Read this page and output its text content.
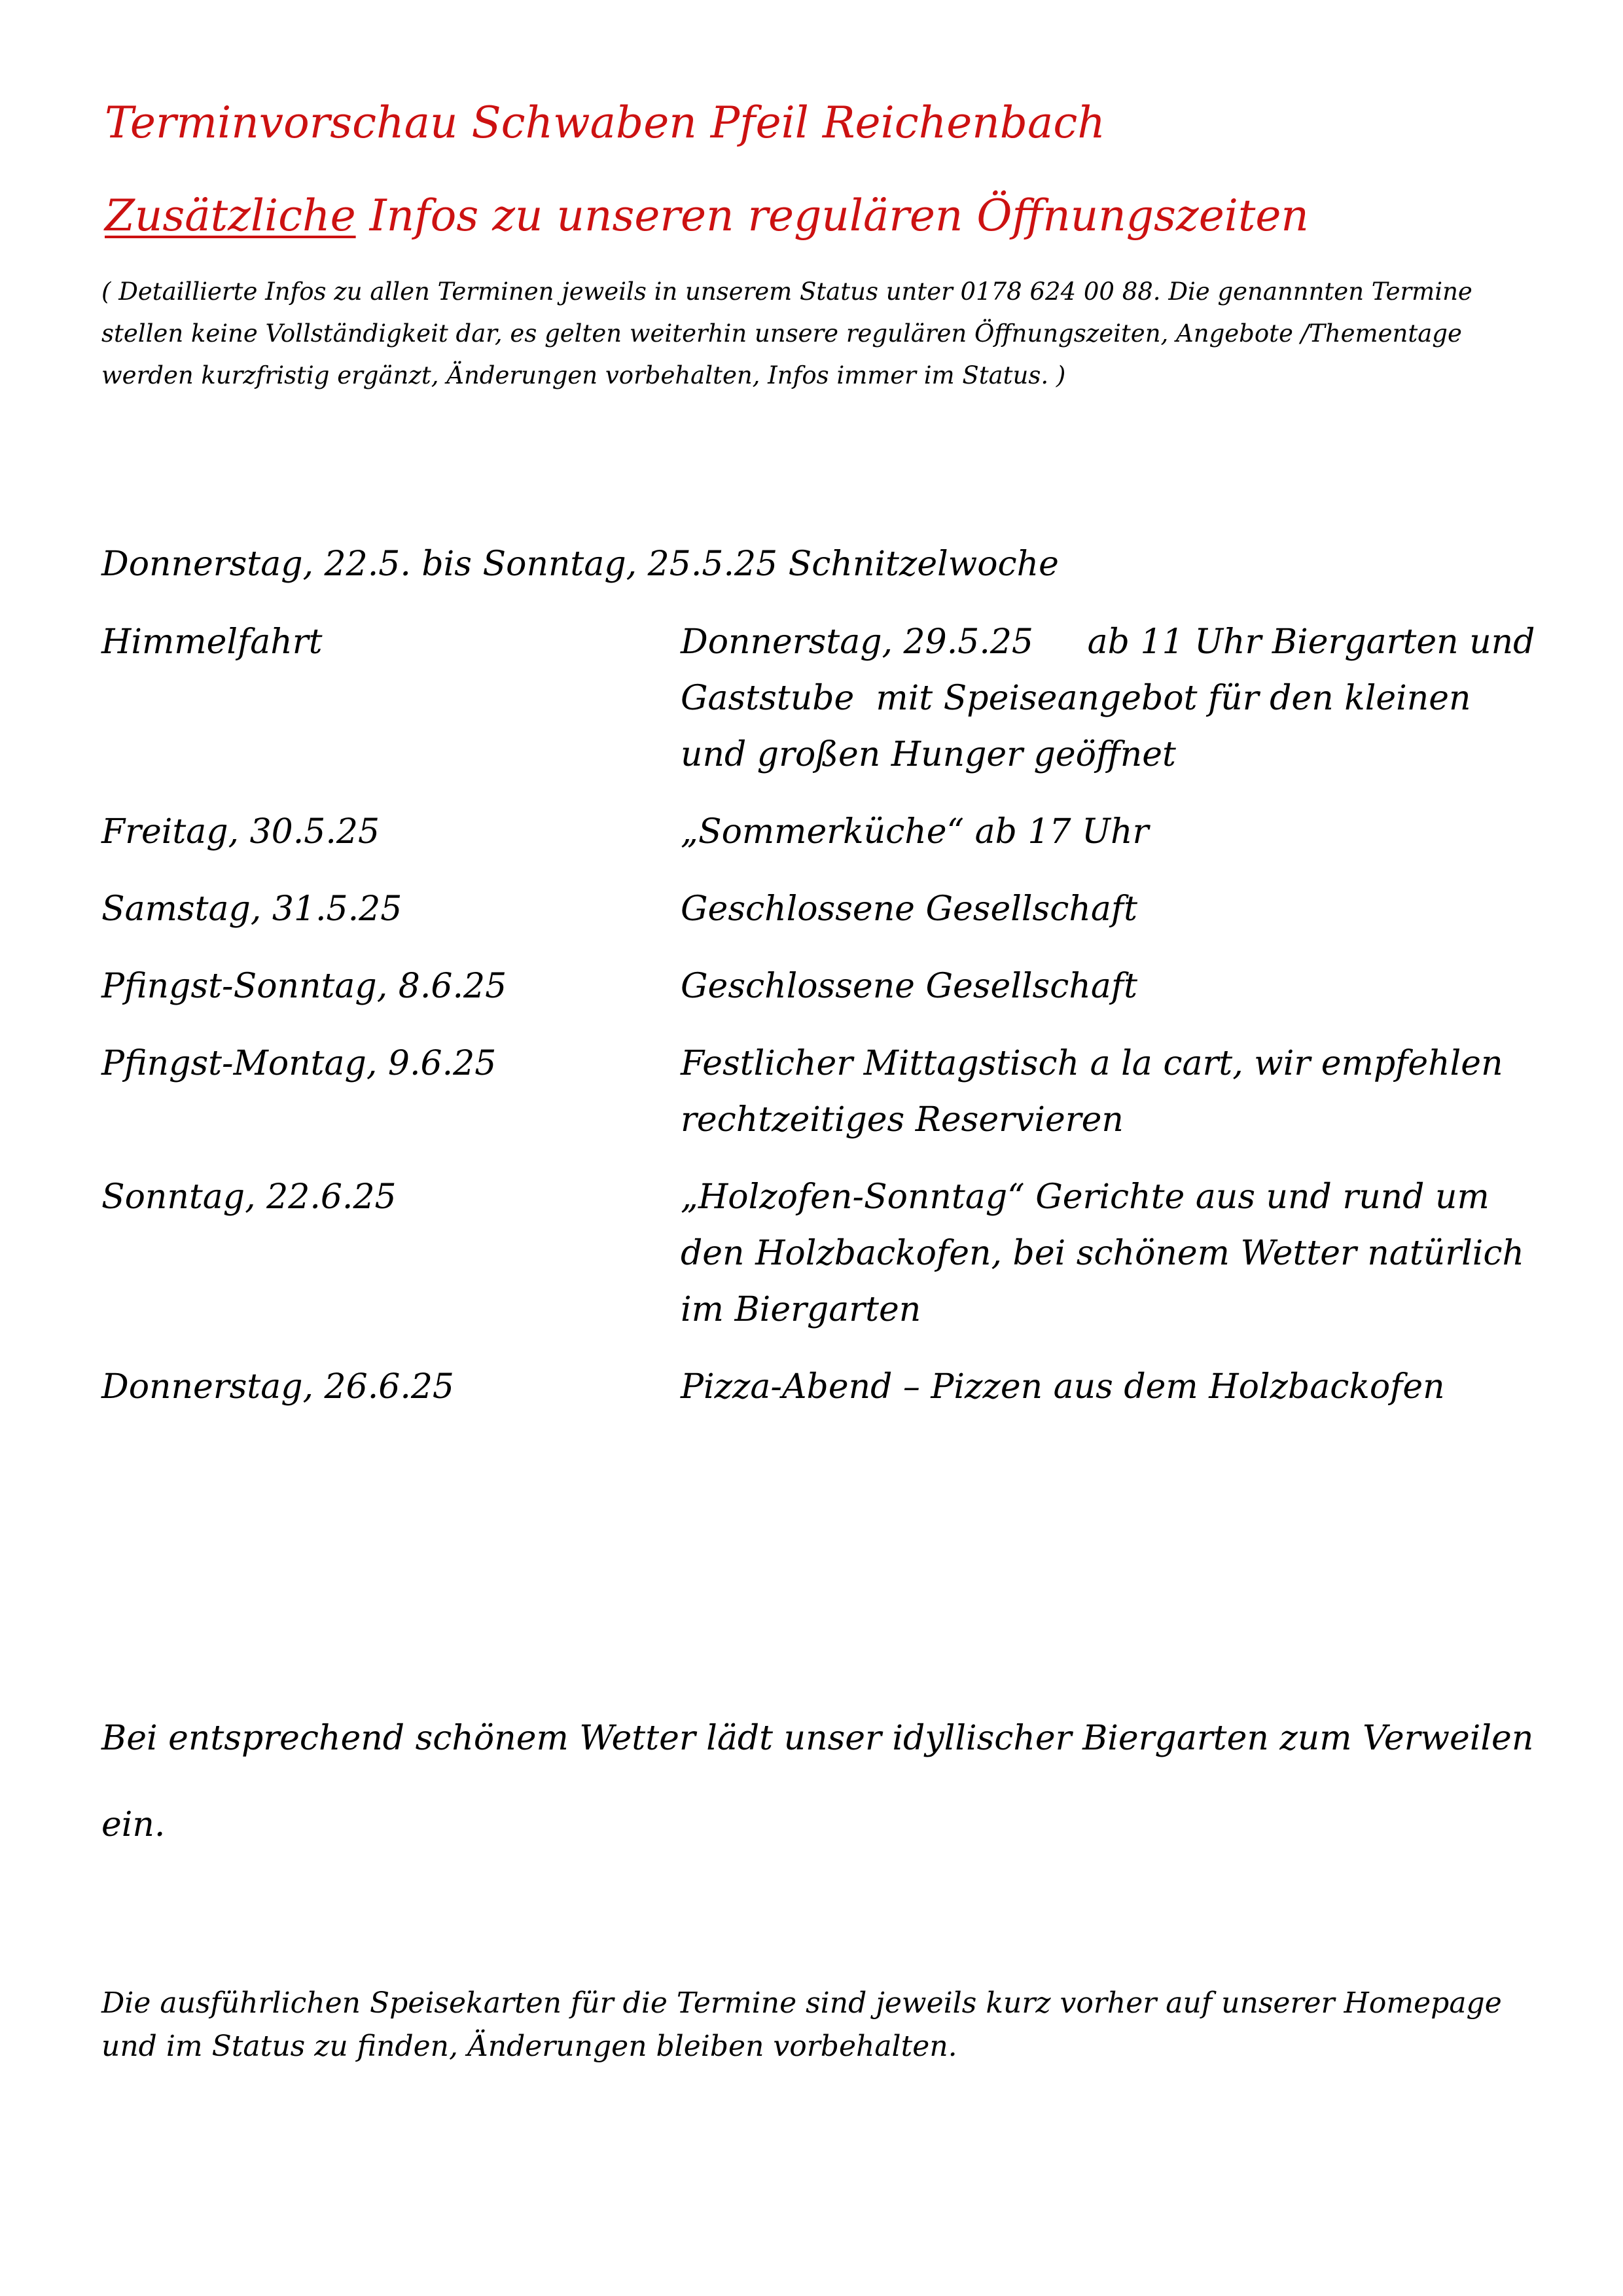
Terminvorschau Schwaben Pfeil Reichenbach
Zusätzliche Infos zu unseren regulären Öffnungszeiten

( Detaillierte Infos zu allen Terminen jeweils in unserem Status unter 0178 624 00 88. Die genannnten Termine stellen keine Vollständigkeit dar, es gelten weiterhin unsere regulären Öffnungszeiten, Angebote /Thementage werden kurzfristig ergänzt, Änderungen vorbehalten, Infos immer im Status. )

Donnerstag, 22.5. bis Sonntag, 25.5.25 Schnitzelwoche

Himmelfahrt	Donnerstag, 29.5.25     ab 11 Uhr Biergarten und Gaststube  mit Speiseangebot für den kleinen und großen Hunger geöffnet
Freitag, 30.5.25	„Sommerküche“ ab 17 Uhr
Samstag, 31.5.25	Geschlossene Gesellschaft
Pfingst-Sonntag, 8.6.25	Geschlossene Gesellschaft
Pfingst-Montag, 9.6.25	Festlicher Mittagstisch a la cart, wir empfehlen rechtzeitiges Reservieren
Sonntag, 22.6.25	„Holzofen-Sonntag“ Gerichte aus und rund um den Holzbackofen, bei schönem Wetter natürlich im Biergarten
Donnerstag, 26.6.25	Pizza-Abend – Pizzen aus dem Holzbackofen

Bei entsprechend schönem Wetter lädt unser idyllischer Biergarten zum Verweilen ein.

Die ausführlichen Speisekarten für die Termine sind jeweils kurz vorher auf unserer Homepage und im Status zu finden, Änderungen bleiben vorbehalten.
